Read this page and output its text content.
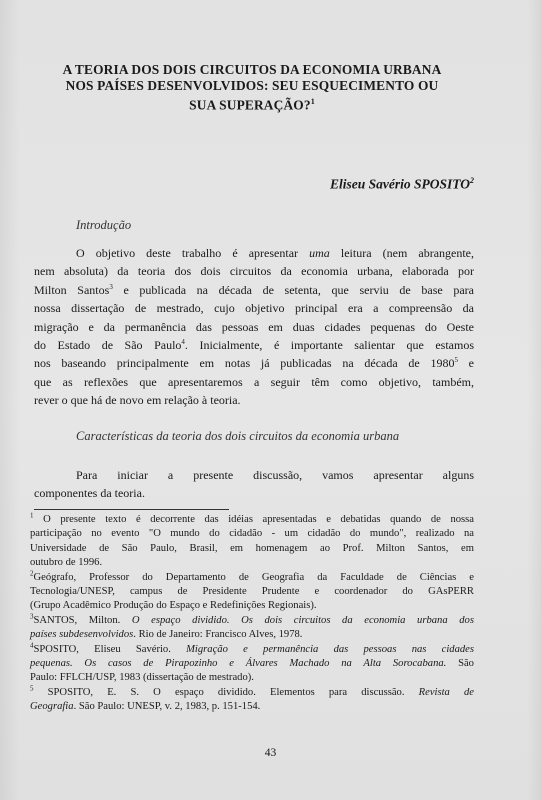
A TEORIA DOS DOIS CIRCUITOS DA ECONOMIA URBANA
NOS PAÍSES DESENVOLVIDOS: SEU ESQUECIMENTO OU
SUA SUPERAÇÃO?$^1$
Eliseu Savério SPOSITO$^2$
Introdução
O objetivo deste trabalho é apresentar uma leitura (nem abrangente,
nem absoluta) da teoria dos dois circuitos da economia urbana, elaborada por
Milton Santos$^3$ e publicada na década de setenta, que serviu de base para
nossa dissertação de mestrado, cujo objetivo principal era a compreensão da
migração e da permanência das pessoas em duas cidades pequenas do Oeste
do Estado de São Paulo$^4$. Inicialmente, é importante salientar que estamos
nos baseando principalmente em notas já publicadas na década de 1980$^5$ e
que as reflexões que apresentaremos a seguir têm como objetivo, também,
rever o que há de novo em relação à teoria.
Características da teoria dos dois circuitos da economia urbana
Para iniciar a presente discussão, vamos apresentar alguns
componentes da teoria.
$^1$ O presente texto é decorrente das idéias apresentadas e debatidas quando de nossa
participação no evento "O mundo do cidadão - um cidadão do mundo", realizado na
Universidade de São Paulo, Brasil, em homenagem ao Prof. Milton Santos, em
outubro de 1996.
$^2$Geógrafo, Professor do Departamento de Geografia da Faculdade de Ciências e
Tecnologia/UNESP, campus de Presidente Prudente e coordenador do GAsPERR
(Grupo Acadêmico Produção do Espaço e Redefinições Regionais).
$^3$SANTOS, Milton. O espaço dividido. Os dois circuitos da economia urbana dos
países subdesenvolvidos. Rio de Janeiro: Francisco Alves, 1978.
$^4$SPOSITO, Eliseu Savério. Migração e permanência das pessoas nas cidades
pequenas. Os casos de Pirapozinho e Álvares Machado na Alta Sorocabana. São
Paulo: FFLCH/USP, 1983 (dissertação de mestrado).
$^5$ SPOSITO, E. S. O espaço dividido. Elementos para discussão. Revista de
Geografia. São Paulo: UNESP, v. 2, 1983, p. 151-154.
43
